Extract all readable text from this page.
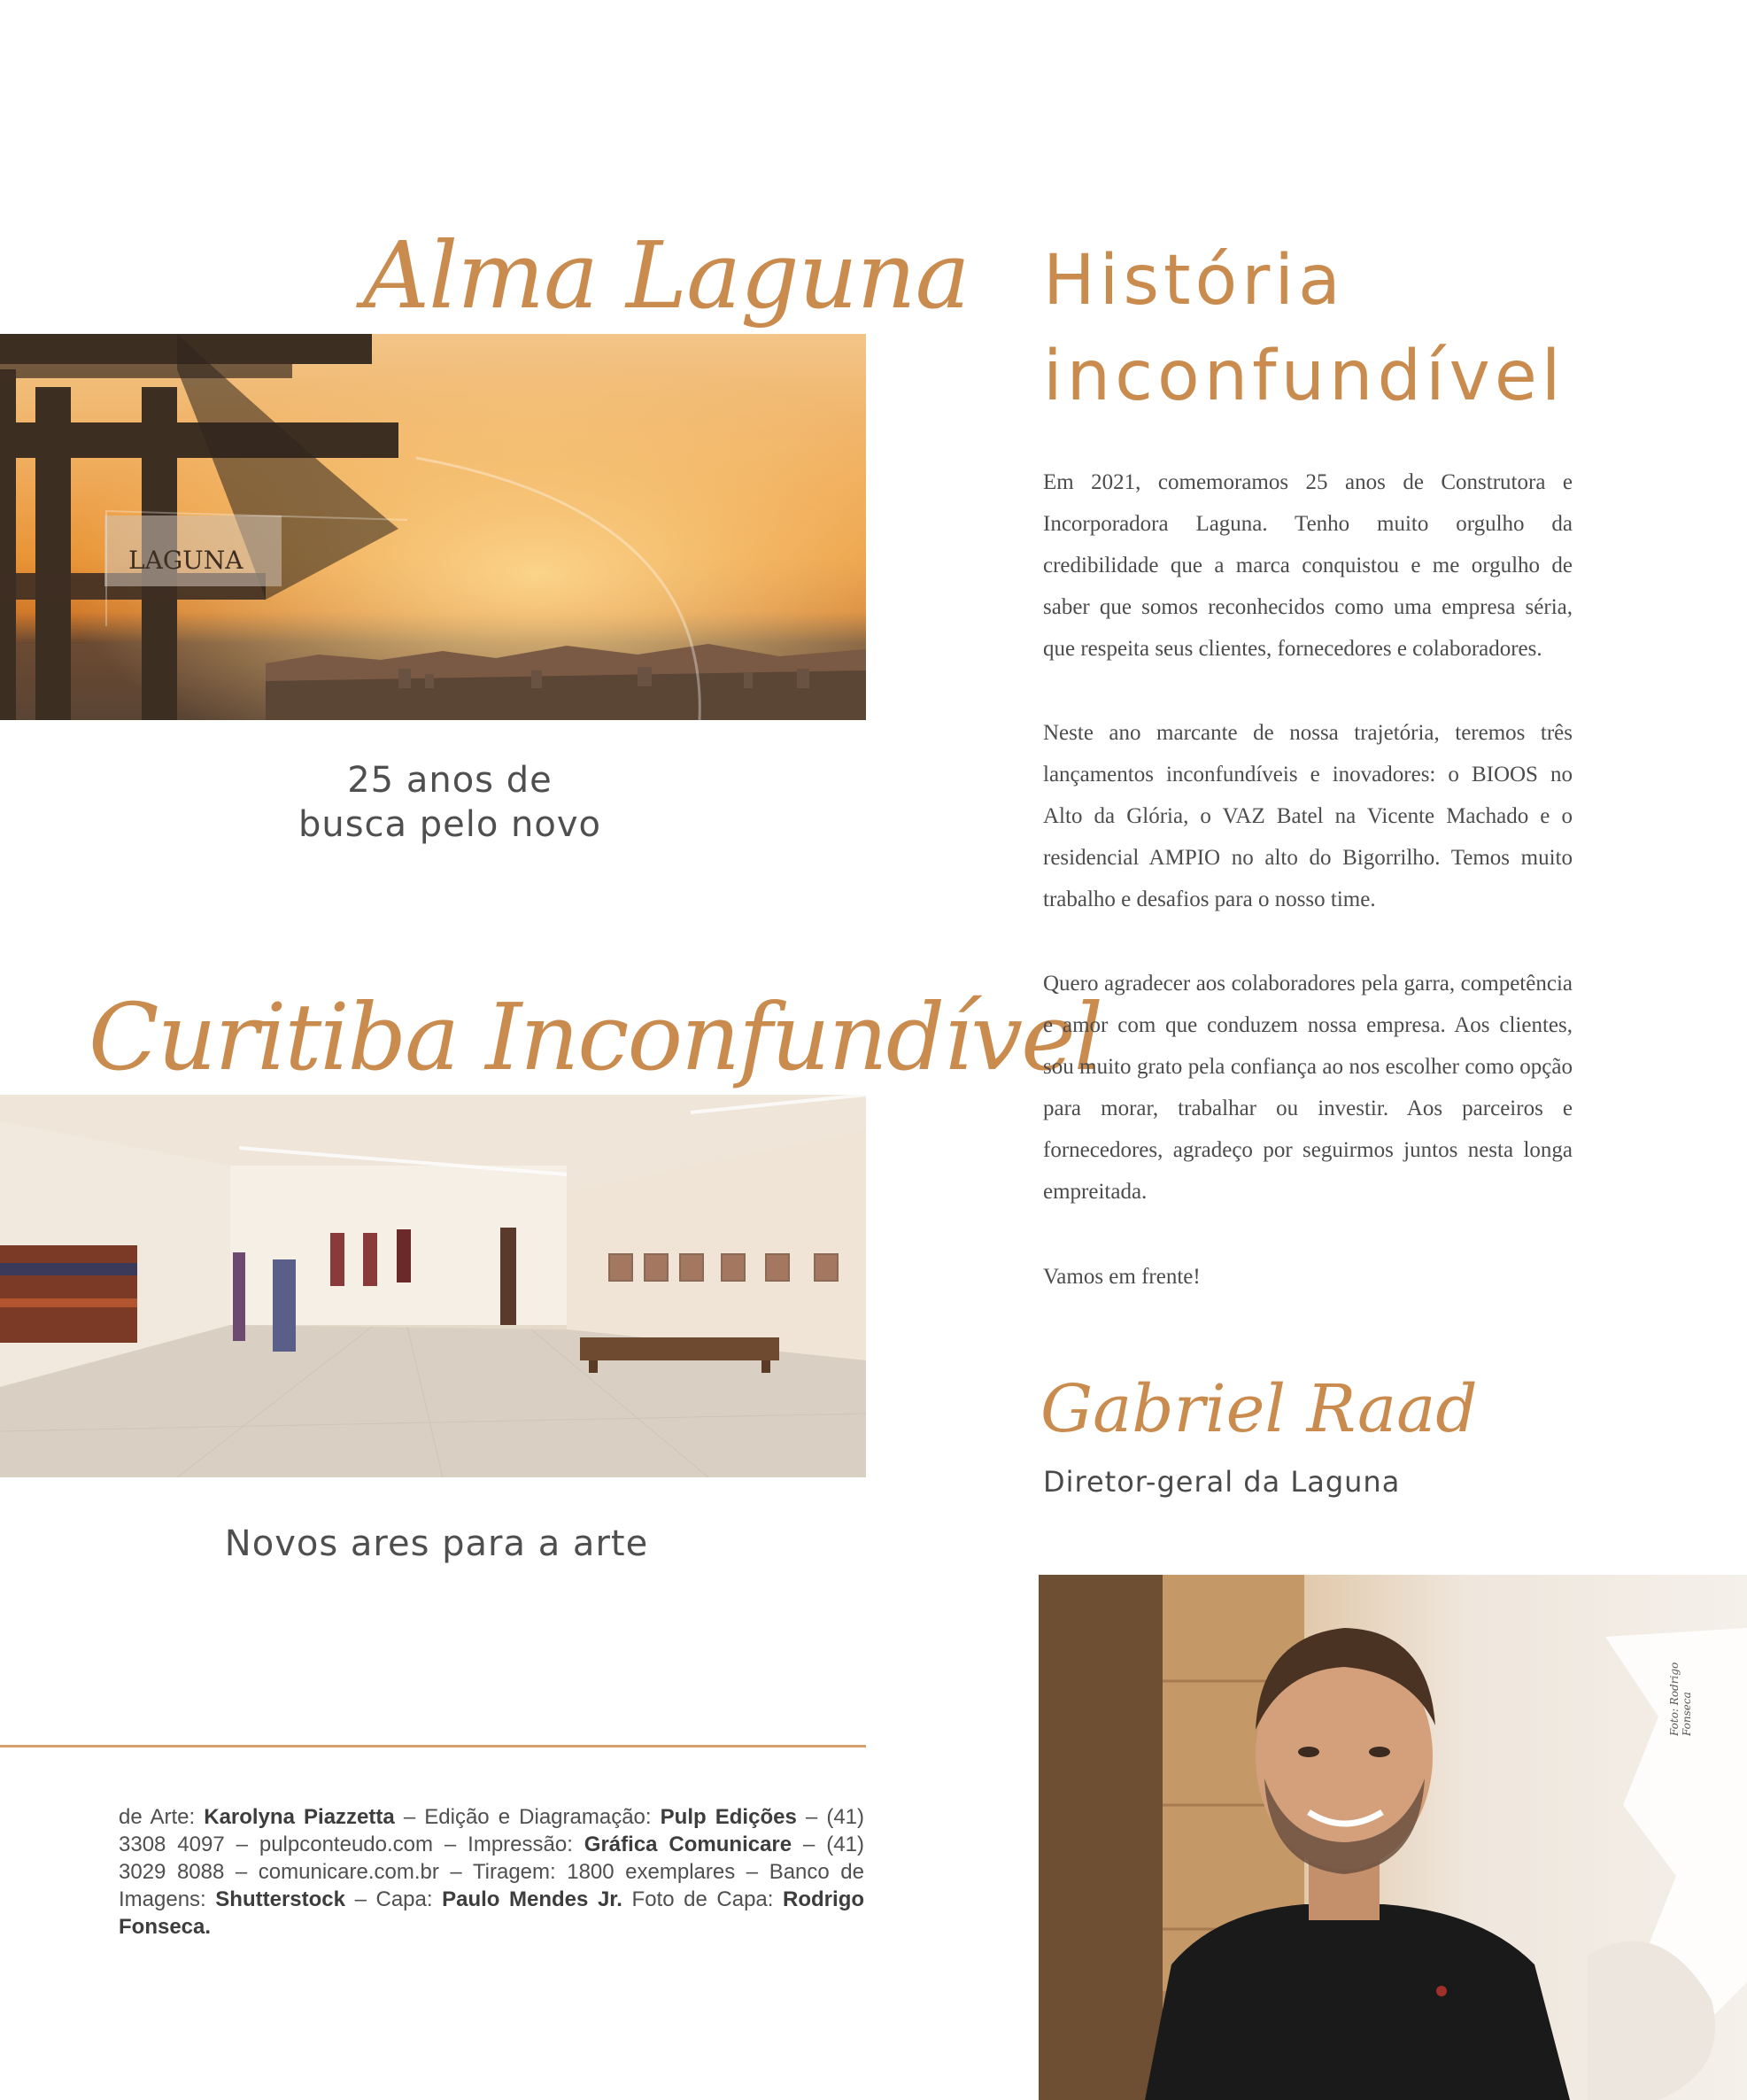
LAGUNA
Alma Laguna
25 anos de
busca pelo novo
Curitiba Inconfundível
Novos ares para a arte
de Arte: Karolyna Piazzetta – Edição e Diagramação: Pulp Edições – (41) 3308 4097 – pulpconteudo.com – Impressão: Gráfica Comunicare – (41) 3029 8088 – comunicare.com.br – Tiragem: 1800 exemplares – Banco de Imagens: Shutterstock – Capa: Paulo Mendes Jr. Foto de Capa: Rodrigo Fonseca.
História
inconfundível

Em 2021, comemoramos 25 anos de Construtora e Incorporadora Laguna. Tenho muito orgulho da credibilidade que a marca conquistou e me orgulho de saber que somos reconhecidos como uma empresa séria, que respeita seus clientes, fornecedores e colaboradores.

Neste ano marcante de nossa trajetória, teremos três lançamentos inconfundíveis e inovadores: o BIOOS no Alto da Glória, o VAZ Batel na Vicente Machado e o residencial AMPIO no alto do Bigorrilho. Temos muito trabalho e desafios para o nosso time.

Quero agradecer aos colaboradores pela garra, competência e amor com que conduzem nossa empresa. Aos clientes, sou muito grato pela confiança ao nos escolher como opção para morar, trabalhar ou investir. Aos parceiros e fornecedores, agradeço por seguirmos juntos nesta longa empreitada.

Vamos em frente!

Gabriel Raad
Diretor-geral da Laguna
Foto: Rodrigo Fonseca
